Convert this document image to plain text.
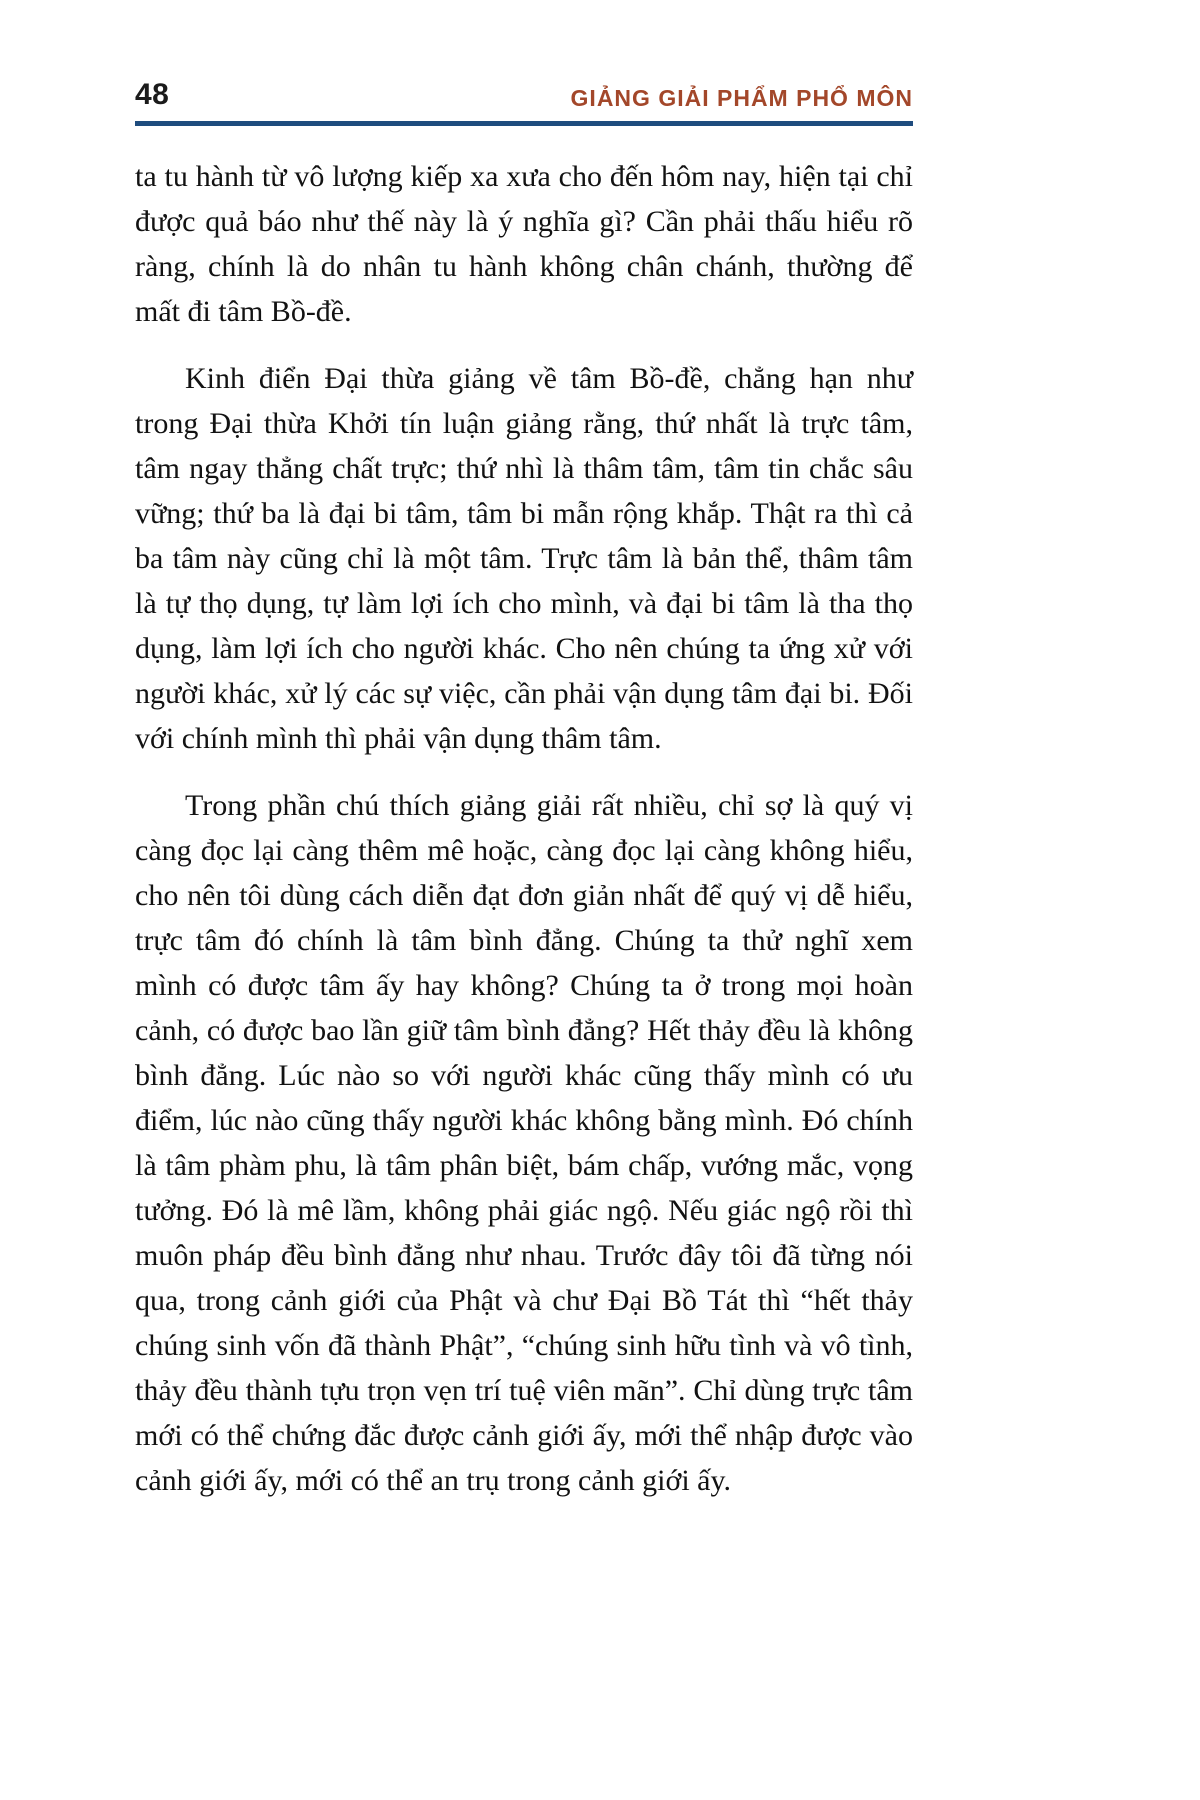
48	GIẢNG GIẢI PHẨM PHỔ MÔN

ta tu hành từ vô lượng kiếp xa xưa cho đến hôm nay, hiện tại chỉ được quả báo như thế này là ý nghĩa gì? Cần phải thấu hiểu rõ ràng, chính là do nhân tu hành không chân chánh, thường để mất đi tâm Bồ-đề.

Kinh điển Đại thừa giảng về tâm Bồ-đề, chẳng hạn như trong Đại thừa Khởi tín luận giảng rằng, thứ nhất là trực tâm, tâm ngay thẳng chất trực; thứ nhì là thâm tâm, tâm tin chắc sâu vững; thứ ba là đại bi tâm, tâm bi mẫn rộng khắp. Thật ra thì cả ba tâm này cũng chỉ là một tâm. Trực tâm là bản thể, thâm tâm là tự thọ dụng, tự làm lợi ích cho mình, và đại bi tâm là tha thọ dụng, làm lợi ích cho người khác. Cho nên chúng ta ứng xử với người khác, xử lý các sự việc, cần phải vận dụng tâm đại bi. Đối với chính mình thì phải vận dụng thâm tâm.

Trong phần chú thích giảng giải rất nhiều, chỉ sợ là quý vị càng đọc lại càng thêm mê hoặc, càng đọc lại càng không hiểu, cho nên tôi dùng cách diễn đạt đơn giản nhất để quý vị dễ hiểu, trực tâm đó chính là tâm bình đẳng. Chúng ta thử nghĩ xem mình có được tâm ấy hay không? Chúng ta ở trong mọi hoàn cảnh, có được bao lần giữ tâm bình đẳng? Hết thảy đều là không bình đẳng. Lúc nào so với người khác cũng thấy mình có ưu điểm, lúc nào cũng thấy người khác không bằng mình. Đó chính là tâm phàm phu, là tâm phân biệt, bám chấp, vướng mắc, vọng tưởng. Đó là mê lầm, không phải giác ngộ. Nếu giác ngộ rồi thì muôn pháp đều bình đẳng như nhau. Trước đây tôi đã từng nói qua, trong cảnh giới của Phật và chư Đại Bồ Tát thì “hết thảy chúng sinh vốn đã thành Phật”, “chúng sinh hữu tình và vô tình, thảy đều thành tựu trọn vẹn trí tuệ viên mãn”. Chỉ dùng trực tâm mới có thể chứng đắc được cảnh giới ấy, mới thể nhập được vào cảnh giới ấy, mới có thể an trụ trong cảnh giới ấy.
